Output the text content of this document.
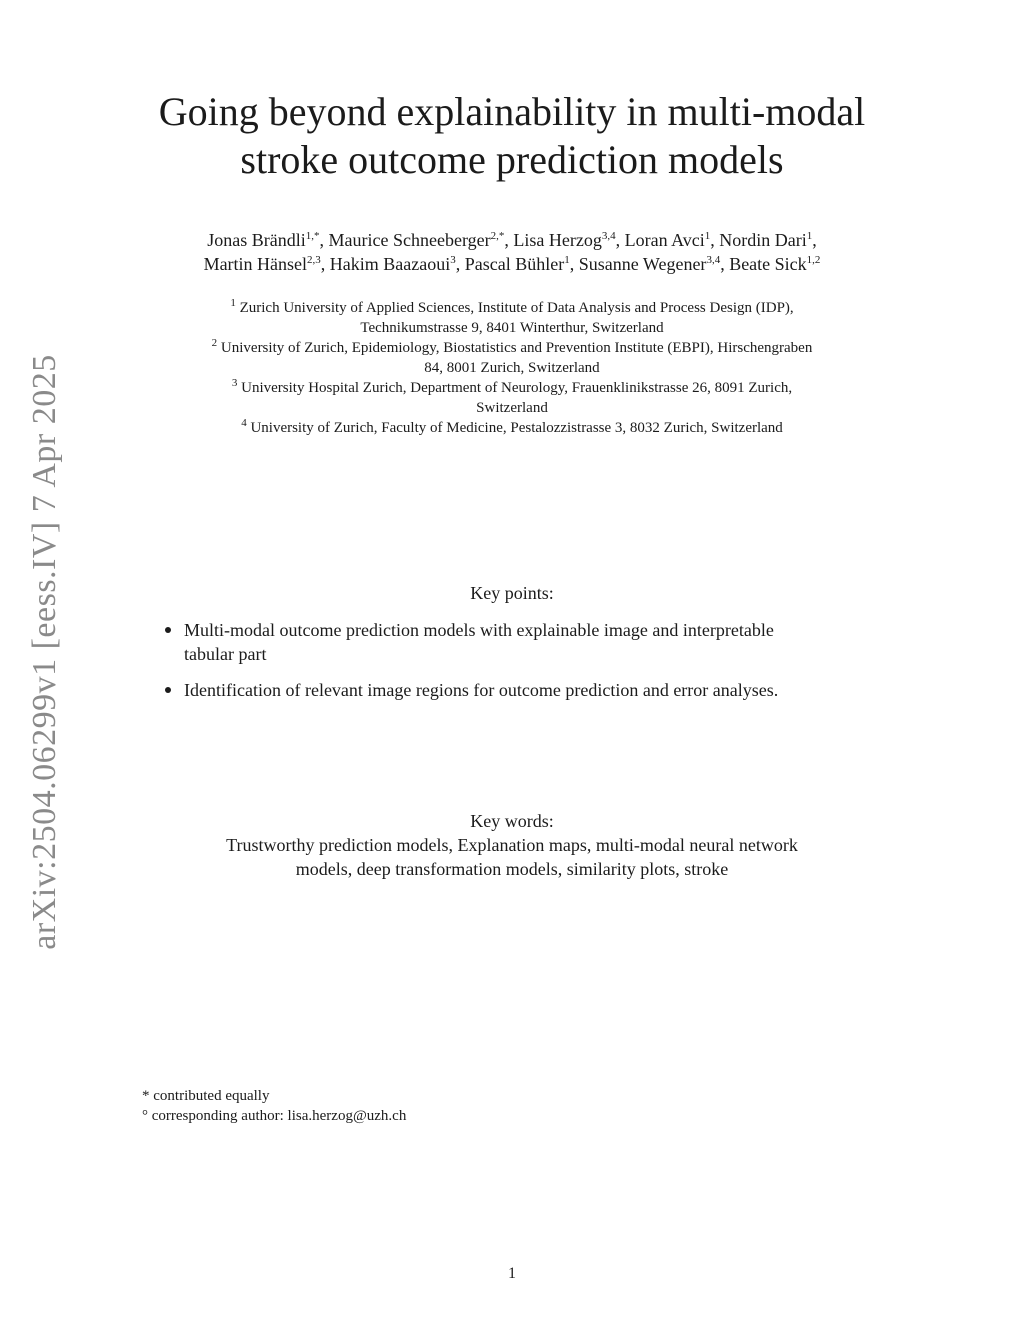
arXiv:2504.06299v1 [eess.IV] 7 Apr 2025
Going beyond explainability in multi-modal
stroke outcome prediction models
Jonas Brändli$^{1,*}$, Maurice Schneeberger$^{2,*}$, Lisa Herzog$^{3,4}$, Loran Avci$^1$, Nordin Dari$^1$,
Martin Hänsel$^{2,3}$, Hakim Baazaoui$^3$, Pascal Bühler$^1$, Susanne Wegener$^{3,4}$, Beate Sick$^{1,2}$
$^1$ Zurich University of Applied Sciences, Institute of Data Analysis and Process Design (IDP),
Technikumstrasse 9, 8401 Winterthur, Switzerland
$^2$ University of Zurich, Epidemiology, Biostatistics and Prevention Institute (EBPI), Hirschengraben
84, 8001 Zurich, Switzerland
$^3$ University Hospital Zurich, Department of Neurology, Frauenklinikstrasse 26, 8091 Zurich,
Switzerland
$^4$ University of Zurich, Faculty of Medicine, Pestalozzistrasse 3, 8032 Zurich, Switzerland
Key points:
Multi-modal outcome prediction models with explainable image and interpretable
tabular part
Identification of relevant image regions for outcome prediction and error analyses.
Key words:
Trustworthy prediction models, Explanation maps, multi-modal neural network
models, deep transformation models, similarity plots, stroke
* contributed equally
° corresponding author: lisa.herzog@uzh.ch
1
